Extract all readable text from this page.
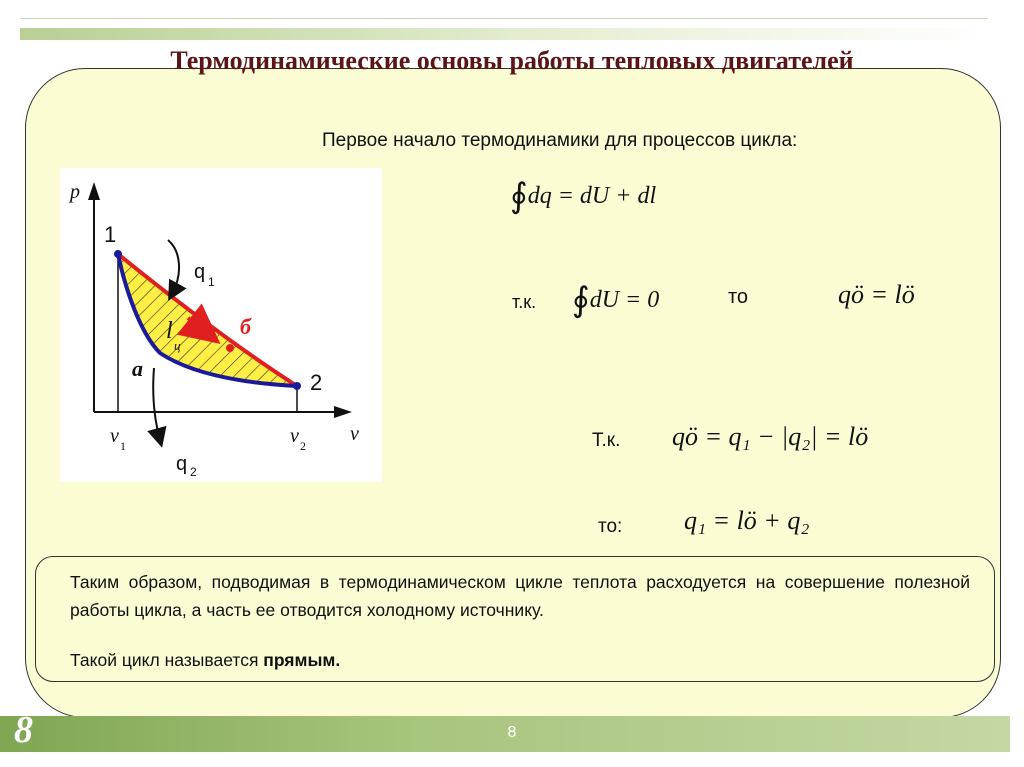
Термодинамические основы работы тепловых двигателей
Первое начало термодинамики для процессов цикла:
p
v
1
2
q 1
q 2
v 1	v 2
a
б
l
ц
∮dq = dU + dl
т.к. ∮dU = 0	то	qö = lö
Т.к. qö = q₁ − |q₂| = lö
то: q₁ = lö + q₂
Таким образом, подводимая в термодинамическом цикле теплота расходуется на совершение полезной работы цикла, а часть ее отводится холодному источнику.
Такой цикл называется прямым.
8	8
